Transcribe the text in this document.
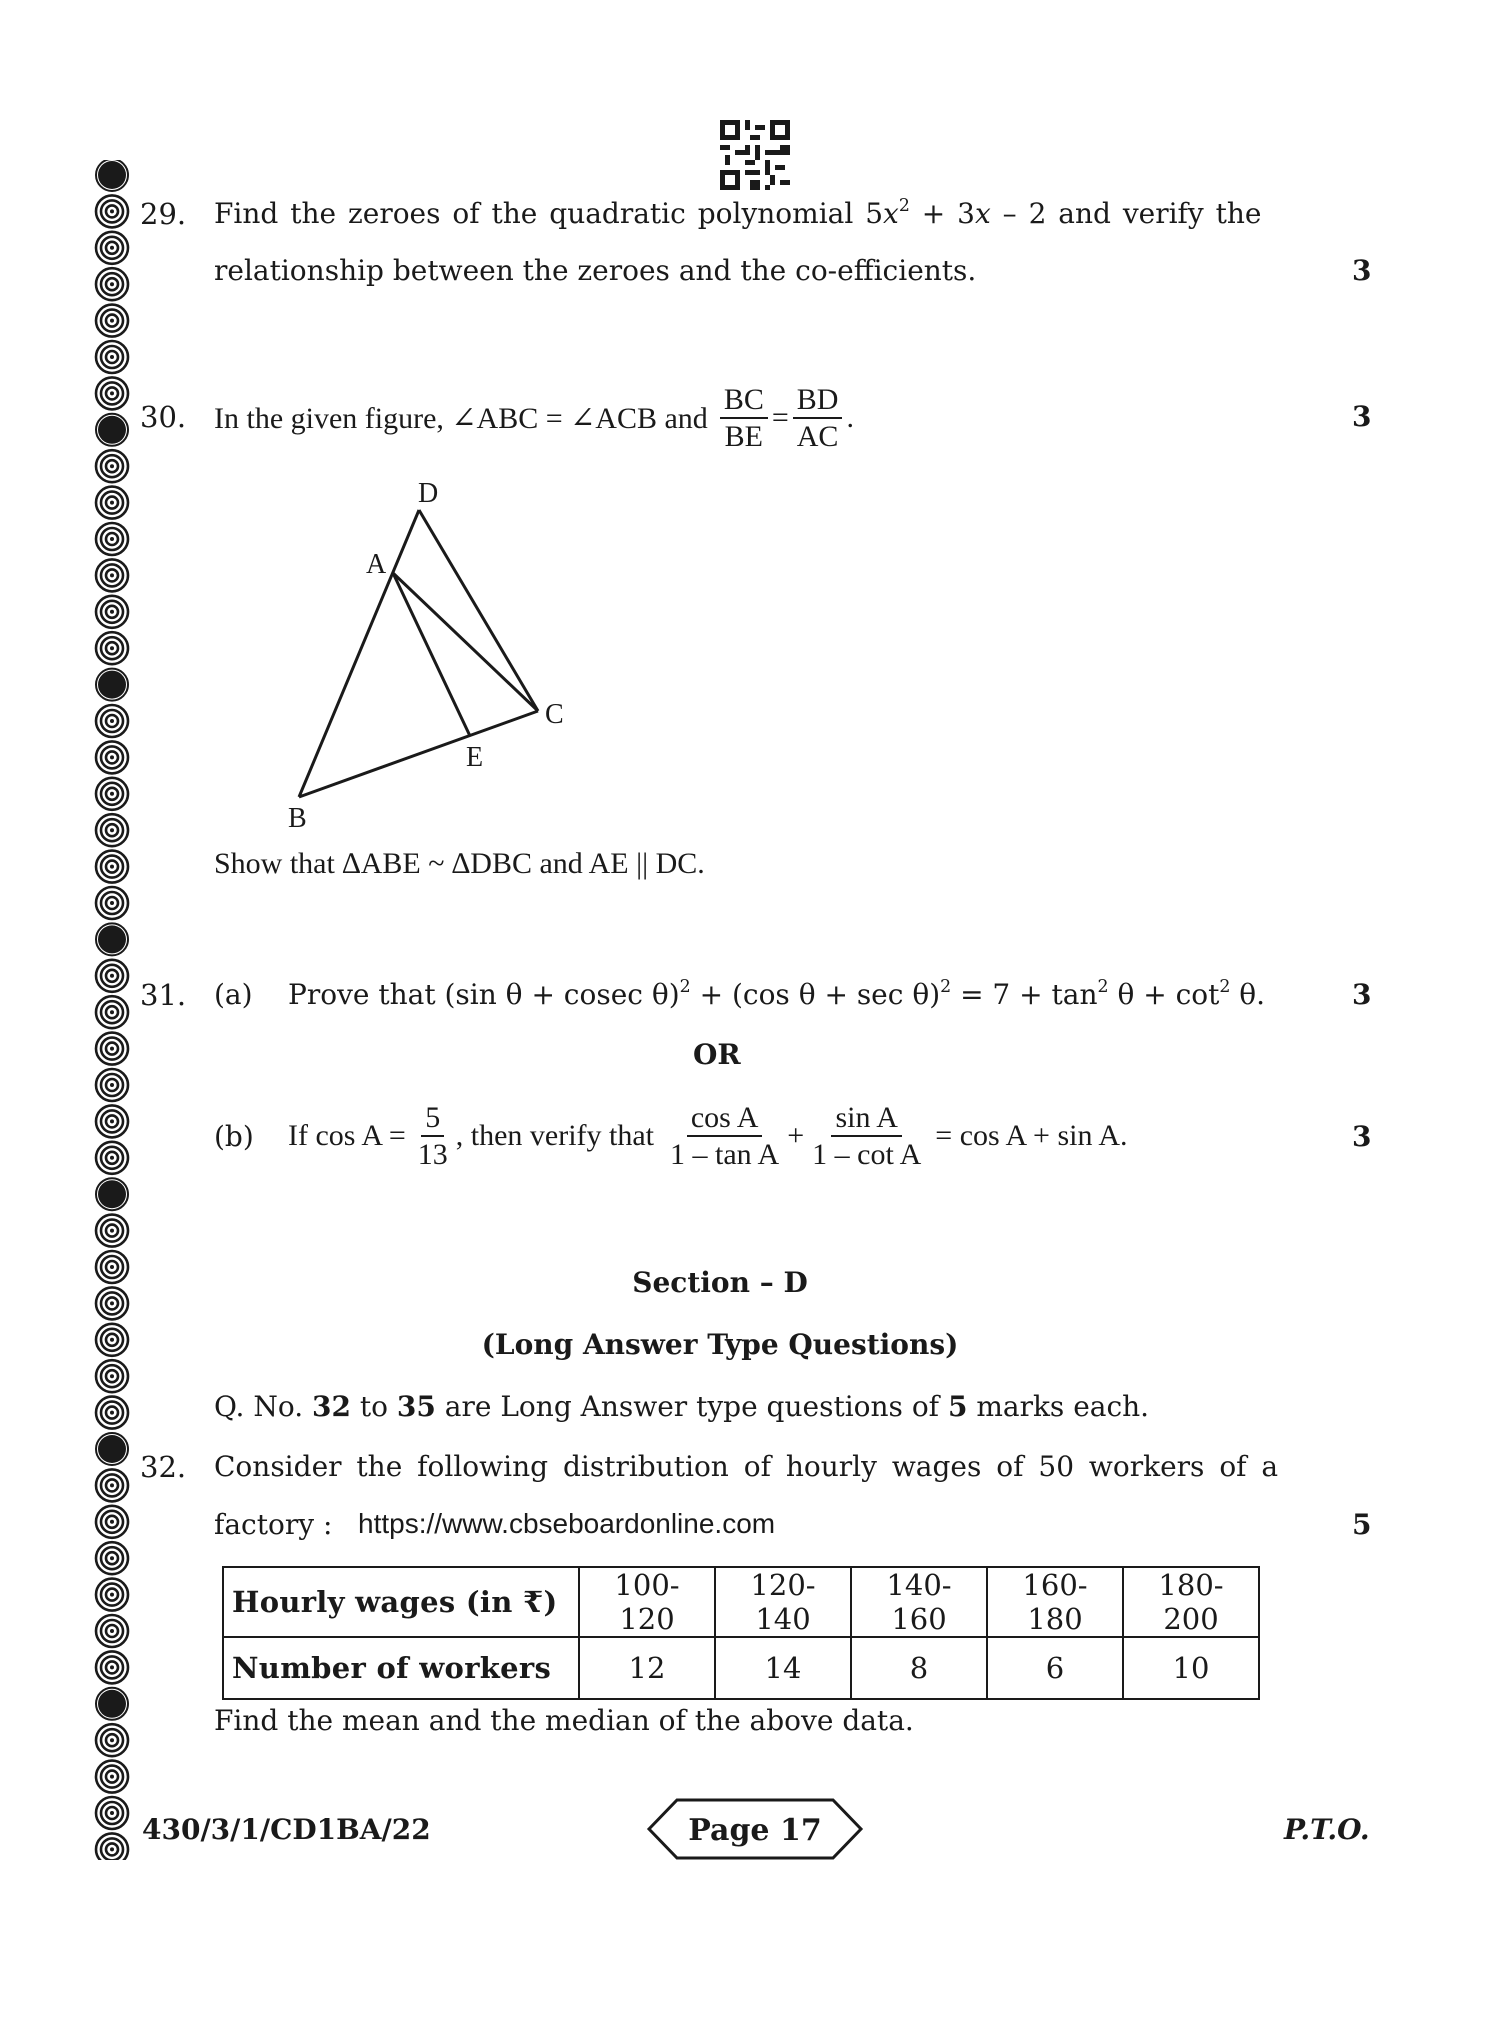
29. Find the zeroes of the quadratic polynomial $5x^2 + 3x - 2$ and verify the
relationship between the zeroes and the co-efficients.	3
30. In the given figure, ∠ABC = ∠ACB and $\frac{BC}{BE} = \frac{BD}{AC}$ .	3
D
A
C
E
B
Show that ∆ABE ~ ∆DBC and AE || DC.
31. (a) Prove that (sin θ + cosec θ)$^2$ + (cos $\theta + \sec \theta)^2 = 7 + \tan^2 \theta + \cot^2 \theta$.	3
OR
(b) If $\cos A = \frac{5}{13}$ , then verify that $\frac{\text{cos A}}{\text{1 – tan A}} + \frac{\text{sin A}}{\text{1 – cot A}} = \cos A + \sin A$.	3
Section – D
(Long Answer Type Questions)
Q. No. 32 to 35 are Long Answer type questions of 5 marks each.
32. Consider the following distribution of hourly wages of 50 workers of a
factory : https://www.cbseboardonline.com	5
Hourly wages (in ₹)	100-120	120-140	140-160	160-180	180-200
Number of workers	12	14	8	6	10
Find the mean and the median of the above data.
430/3/1/CD1BA/22	Page 17	P.T.O.
